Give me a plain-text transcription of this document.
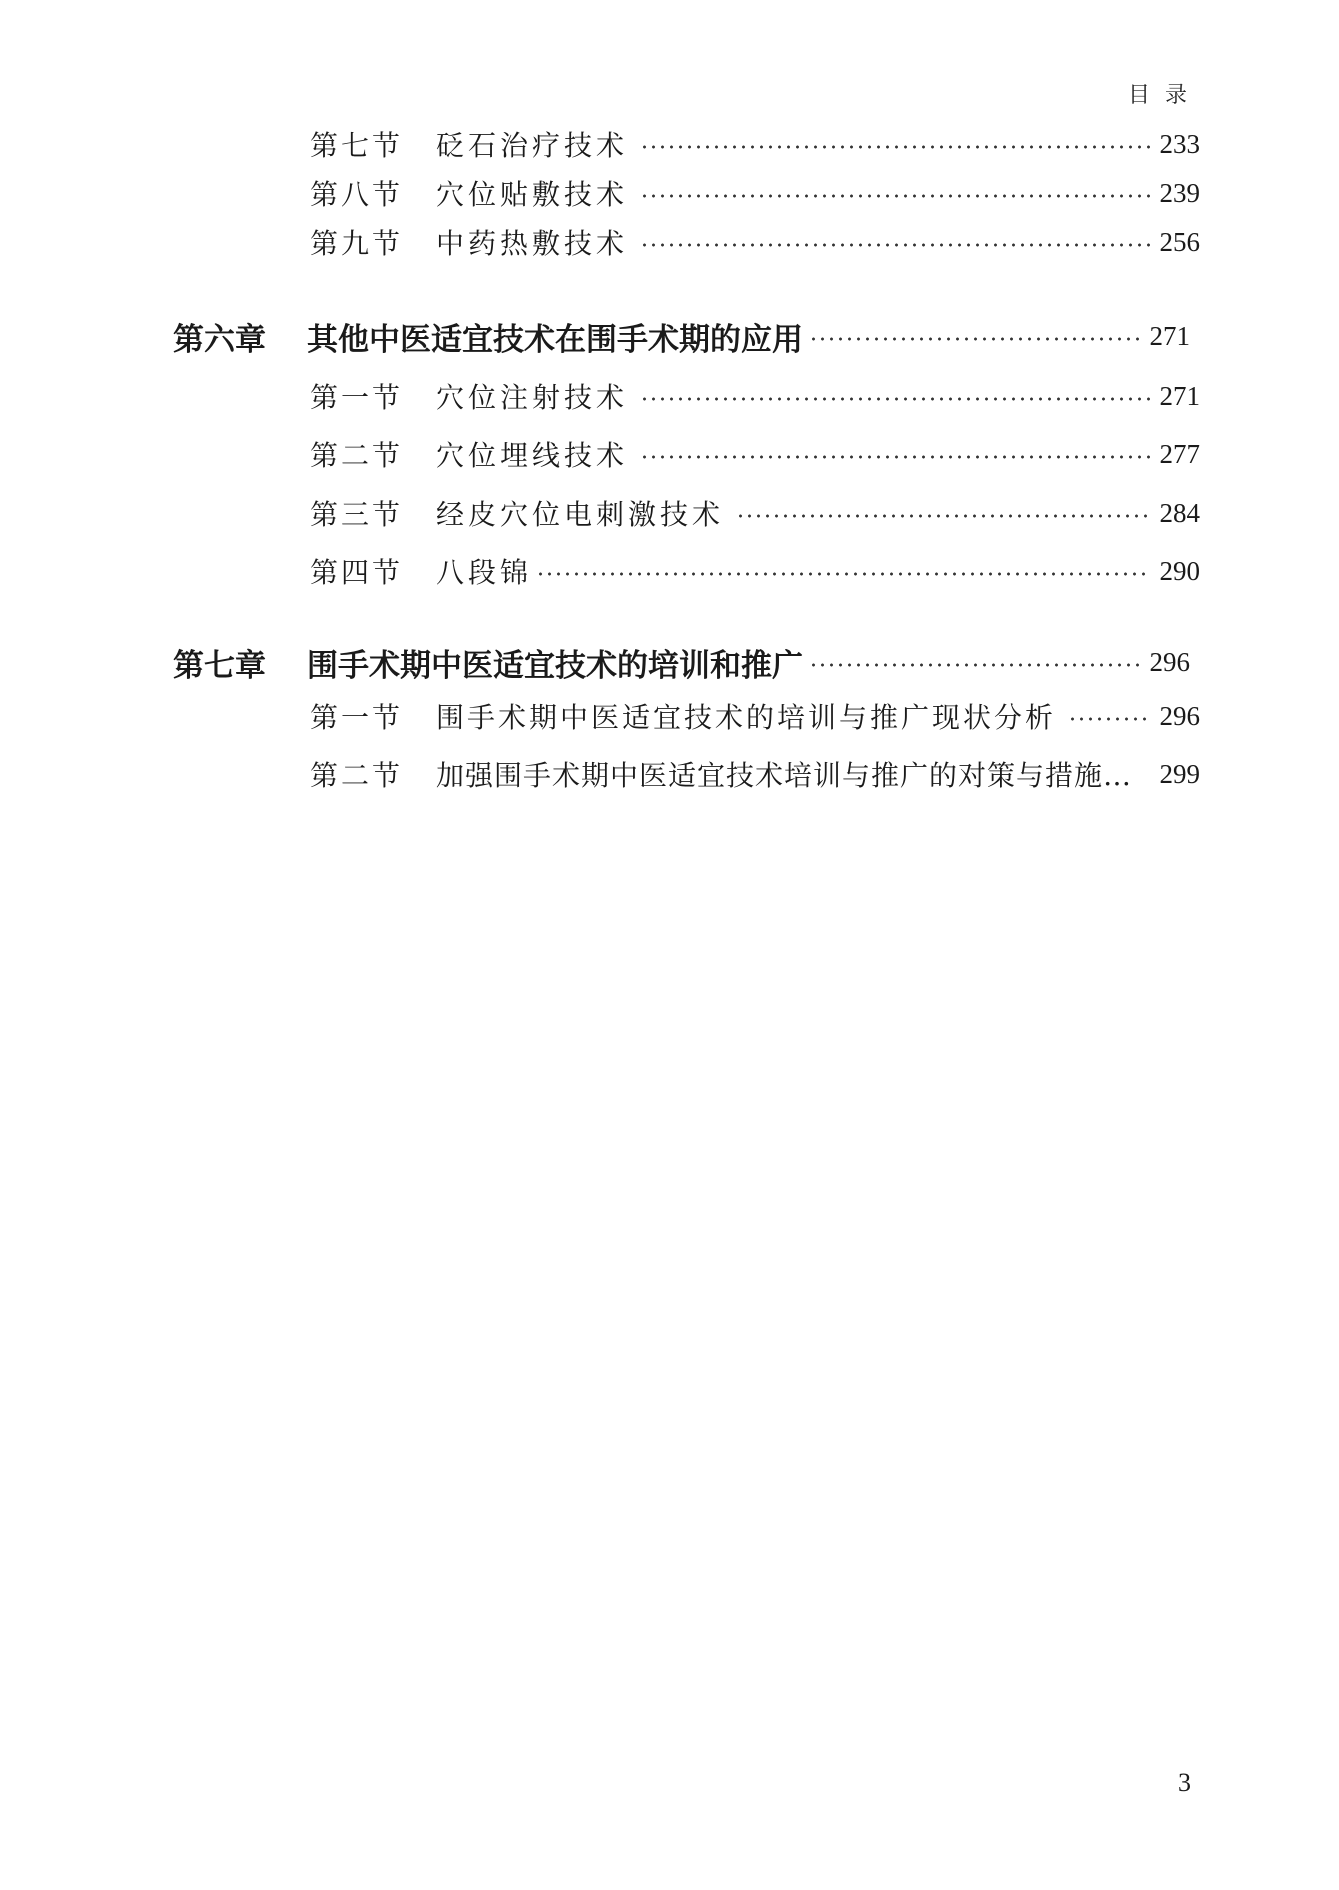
目 录
第七节	砭石治疗技术	233
第八节	穴位贴敷技术	239
第九节	中药热敷技术	256
第六章	其他中医适宜技术在围手术期的应用	271
第一节	穴位注射技术	271
第二节	穴位埋线技术	277
第三节	经皮穴位电刺激技术	284
第四节	八段锦	290
第七章	围手术期中医适宜技术的培训和推广	296
第一节	围手术期中医适宜技术的培训与推广现状分析	296
第二节	加强围手术期中医适宜技术培训与推广的对策与措施… 299
3
